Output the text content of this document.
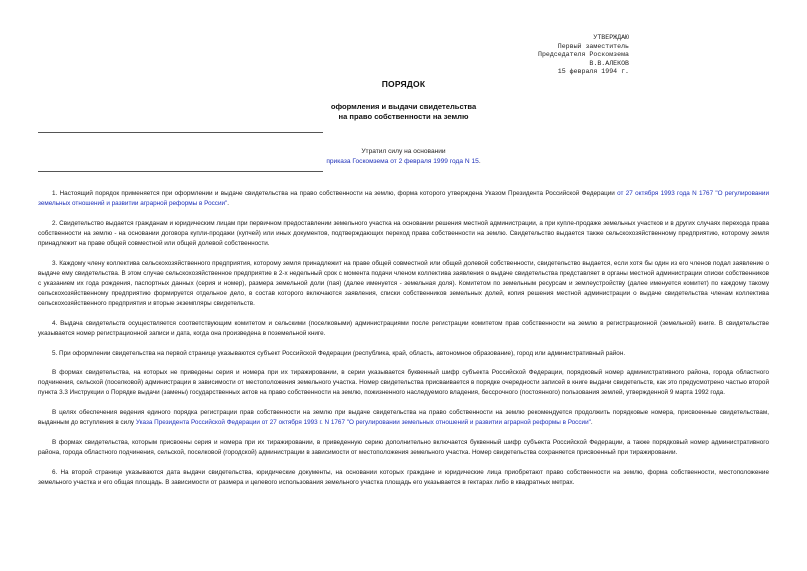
УТВЕРЖДАЮ
Первый заместитель
Председателя Роскомзема
В.В.АЛЕКОВ
15 февраля 1994 г.
ПОРЯДОК
оформления и выдачи свидетельства
на право собственности на землю
Утратил силу на основании
приказа Госкомзема от 2 февраля 1999 года N 15.

1. Настоящий порядок применяется при оформлении и выдаче свидетельства на право собственности на землю, форма которого утверждена Указом Президента Российской Федерации от 27 октября 1993 года N 1767 "О регулировании земельных отношений и развитии аграрной реформы в России".

2. Свидетельство выдается гражданам и юридическим лицам при первичном предоставлении земельного участка на основании решения местной администрации, а при купле-продаже земельных участков и в других случаях перехода права собственности на землю - на основании договора купли-продажи (купчей) или иных документов, подтверждающих переход права собственности на землю. Свидетельство выдается также сельскохозяйственному предприятию, которому земля принадлежит на праве общей совместной или общей долевой собственности.

3. Каждому члену коллектива сельскохозяйственного предприятия, которому земля принадлежит на праве общей совместной или общей долевой собственности, свидетельство выдается, если хотя бы один из его членов подал заявление о выдаче ему свидетельства. В этом случае сельскохозяйственное предприятие в 2-х недельный срок с момента подачи членом коллектива заявления о выдаче свидетельства представляет в органы местной администрации списки собственников с указанием их года рождения, паспортных данных (серия и номер), размера земельной доли (пая) (далее именуется - земельная доля). Комитетом по земельным ресурсам и землеустройству (далее именуется комитет) по каждому такому сельскохозяйственному предприятию формируется отдельное дело, в состав которого включаются заявления, списки собственников земельных долей, копия решения местной администрации о выдаче свидетельства членам коллектива сельскохозяйственного предприятия и вторые экземпляры свидетельств.

4. Выдача свидетельств осуществляется соответствующим комитетом и сельскими (поселковыми) администрациями после регистрации комитетом прав собственности на землю в регистрационной (земельной) книге. В свидетельстве указывается номер регистрационной записи и дата, когда она произведена в поземельной книге.

5. При оформлении свидетельства на первой странице указываются субъект Российской Федерации (республика, край, область, автономное образование), город или административный район.

В формах свидетельства, на которых не приведены серия и номера при их тиражировании, в серии указывается буквенный шифр субъекта Российской Федерации, порядковый номер административного района, города областного подчинения, сельской (поселковой) администрации в зависимости от местоположения земельного участка. Номер свидетельства присваивается в порядке очередности записей в книге выдачи свидетельств, как это предусмотрено частью второй пункта 3.3 Инструкции о Порядке выдачи (замены) государственных актов на право собственности на землю, пожизненного наследуемого владения, бессрочного (постоянного) пользования землей, утвержденной 9 марта 1992 года.

В целях обеспечения ведения единого порядка регистрации прав собственности на землю при выдаче свидетельства на право собственности на землю рекомендуется продолжить порядковые номера, присвоенные свидетельствам, выданным до вступления в силу Указа Президента Российской Федерации от 27 октября 1993 г. N 1767 "О регулировании земельных отношений и развитии аграрной реформы в России".

В формах свидетельства, которым присвоены серия и номера при их тиражировании, в приведенную серию дополнительно включается буквенный шифр субъекта Российской Федерации, а также порядковый номер административного района, города областного подчинения, сельской, поселковой (городской) администрации в зависимости от местоположения земельного участка. Номер свидетельства сохраняется присвоенный при тиражировании.

6. На второй странице указываются дата выдачи свидетельства, юридические документы, на основании которых граждане и юридические лица приобретают право собственности на землю, форма собственности, местоположение земельного участка и его общая площадь. В зависимости от размера и целевого использования земельного участка площадь его указывается в гектарах либо в квадратных метрах.
